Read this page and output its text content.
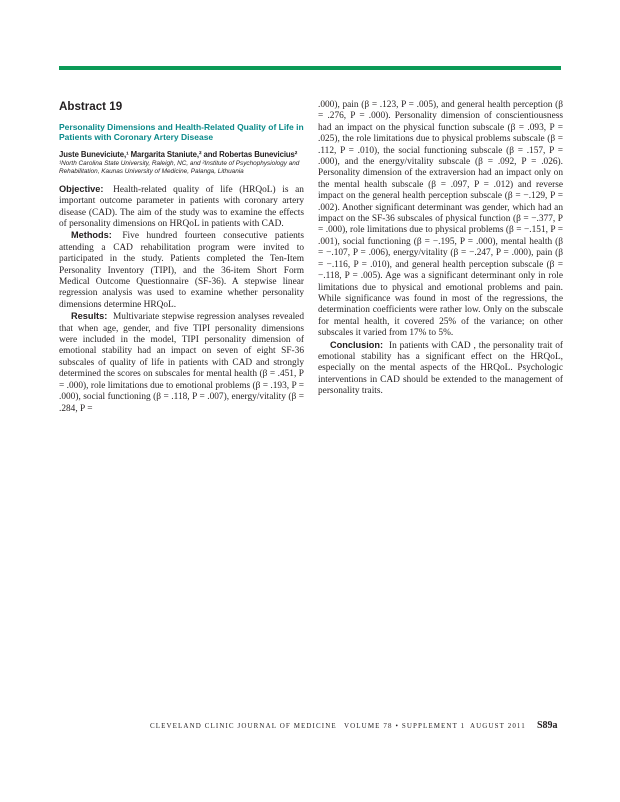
Abstract 19
Personality Dimensions and Health-Related Quality of Life in Patients with Coronary Artery Disease
Juste Buneviciute,¹ Margarita Staniute,² and Robertas Bunevicius²
¹North Carolina State University, Raleigh, NC, and ²Institute of Psychophysiology and
Rehabilitation, Kaunas University of Medicine, Palanga, Lithuania

Objective: Health-related quality of life (HRQoL) is an important outcome parameter in patients with coronary artery disease (CAD). The aim of the study was to examine the effects of personality dimensions on HRQoL in patients with CAD.

Methods: Five hundred fourteen consecutive patients attending a CAD rehabilitation program were invited to participated in the study. Patients completed the Ten-Item Personality Inventory (TIPI), and the 36-item Short Form Medical Outcome Questionnaire (SF-36). A stepwise linear regression analysis was used to examine whether personality dimensions determine HRQoL.

Results: Multivariate stepwise regression analyses revealed that when age, gender, and five TIPI personality dimensions were included in the model, TIPI personality dimension of emotional stability had an impact on seven of eight SF-36 subscales of quality of life in patients with CAD and strongly determined the scores on subscales for mental health (β = .451, P = .000), role limitations due to emotional problems (β = .193, P = .000), social functioning (β = .118, P = .007), energy/vitality (β = .284, P =

.000), pain (β = .123, P = .005), and general health perception (β = .276, P = .000). Personality dimension of conscientiousness had an impact on the physical function subscale (β = .093, P = .025), the role limitations due to physical problems subscale (β = .112, P = .010), the social functioning subscale (β = .157, P = .000), and the energy/vitality subscale (β = .092, P = .026). Personality dimension of the extraversion had an impact only on the mental health subscale (β = .097, P = .012) and reverse impact on the general health perception subscale (β = −.129, P = .002). Another significant determinant was gender, which had an impact on the SF-36 subscales of physical function (β = −.377, P = .000), role limitations due to physical problems (β = −.151, P = .001), social functioning (β = −.195, P = .000), mental health (β = −.107, P = .006), energy/vitality (β = −.247, P = .000), pain (β = −.116, P = .010), and general health perception subscale (β = −.118, P = .005). Age was a significant determinant only in role limitations due to physical and emotional problems and pain. While significance was found in most of the regressions, the determination coefficients were rather low. Only on the subscale for mental health, it covered 25% of the variance; on other subscales it varied from 17% to 5%.

Conclusion: In patients with CAD , the personality trait of emotional stability has a significant effect on the HRQoL, especially on the mental aspects of the HRQoL. Psychologic interventions in CAD should be extended to the management of personality traits.

CLEVELAND CLINIC JOURNAL OF MEDICINE VOLUME 78 • SUPPLEMENT 1 AUGUST 2011 S89a
